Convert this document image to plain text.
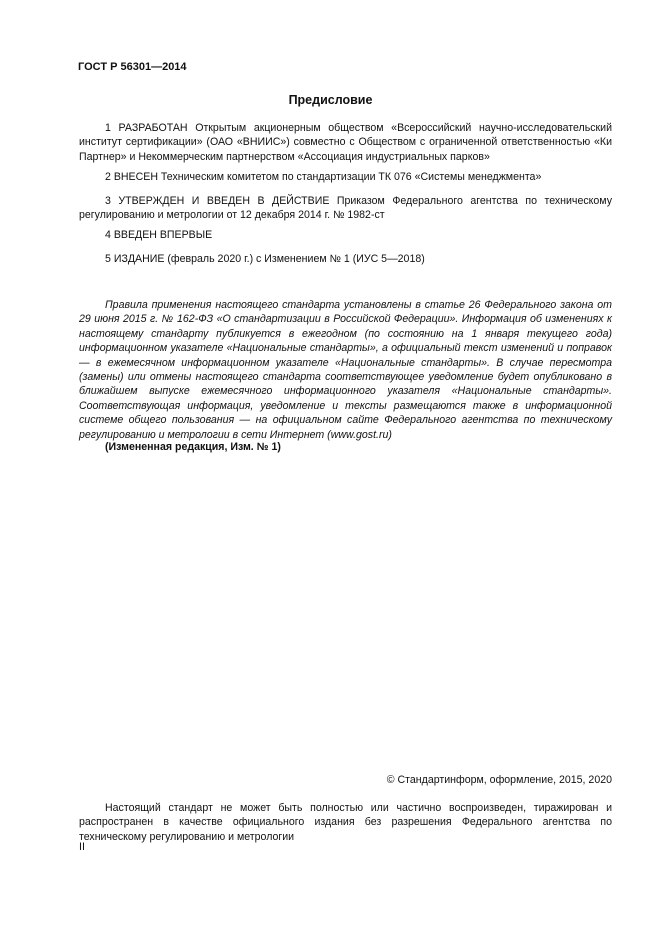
ГОСТ Р 56301—2014
Предисловие

1 РАЗРАБОТАН Открытым акционерным обществом «Всероссийский научно-исследовательский институт сертификации» (ОАО «ВНИИС») совместно с Обществом с ограниченной ответственностью «Ки Партнер» и Некоммерческим партнерством «Ассоциация индустриальных парков»

2 ВНЕСЕН Техническим комитетом по стандартизации ТК 076 «Системы менеджмента»

3 УТВЕРЖДЕН И ВВЕДЕН В ДЕЙСТВИЕ Приказом Федерального агентства по техническому регулированию и метрологии от 12 декабря 2014 г. № 1982-ст

4 ВВЕДЕН ВПЕРВЫЕ

5 ИЗДАНИЕ (февраль 2020 г.) с Изменением № 1 (ИУС 5—2018)

Правила применения настоящего стандарта установлены в статье 26 Федерального закона от 29 июня 2015 г. № 162-ФЗ «О стандартизации в Российской Федерации». Информация об изменениях к настоящему стандарту публикуется в ежегодном (по состоянию на 1 января текущего года) информационном указателе «Национальные стандарты», а официальный текст изменений и поправок — в ежемесячном информационном указателе «Национальные стандарты». В случае пересмотра (замены) или отмены настоящего стандарта соответствующее уведомление будет опубликовано в ближайшем выпуске ежемесячного информационного указателя «Национальные стандарты». Соответствующая информация, уведомление и тексты размещаются также в информационной системе общего пользования — на официальном сайте Федерального агентства по техническому регулированию и метрологии в сети Интернет (www.gost.ru)

(Измененная редакция, Изм. № 1)
© Стандартинформ, оформление, 2015, 2020

Настоящий стандарт не может быть полностью или частично воспроизведен, тиражирован и распространен в качестве официального издания без разрешения Федерального агентства по техническому регулированию и метрологии

II
